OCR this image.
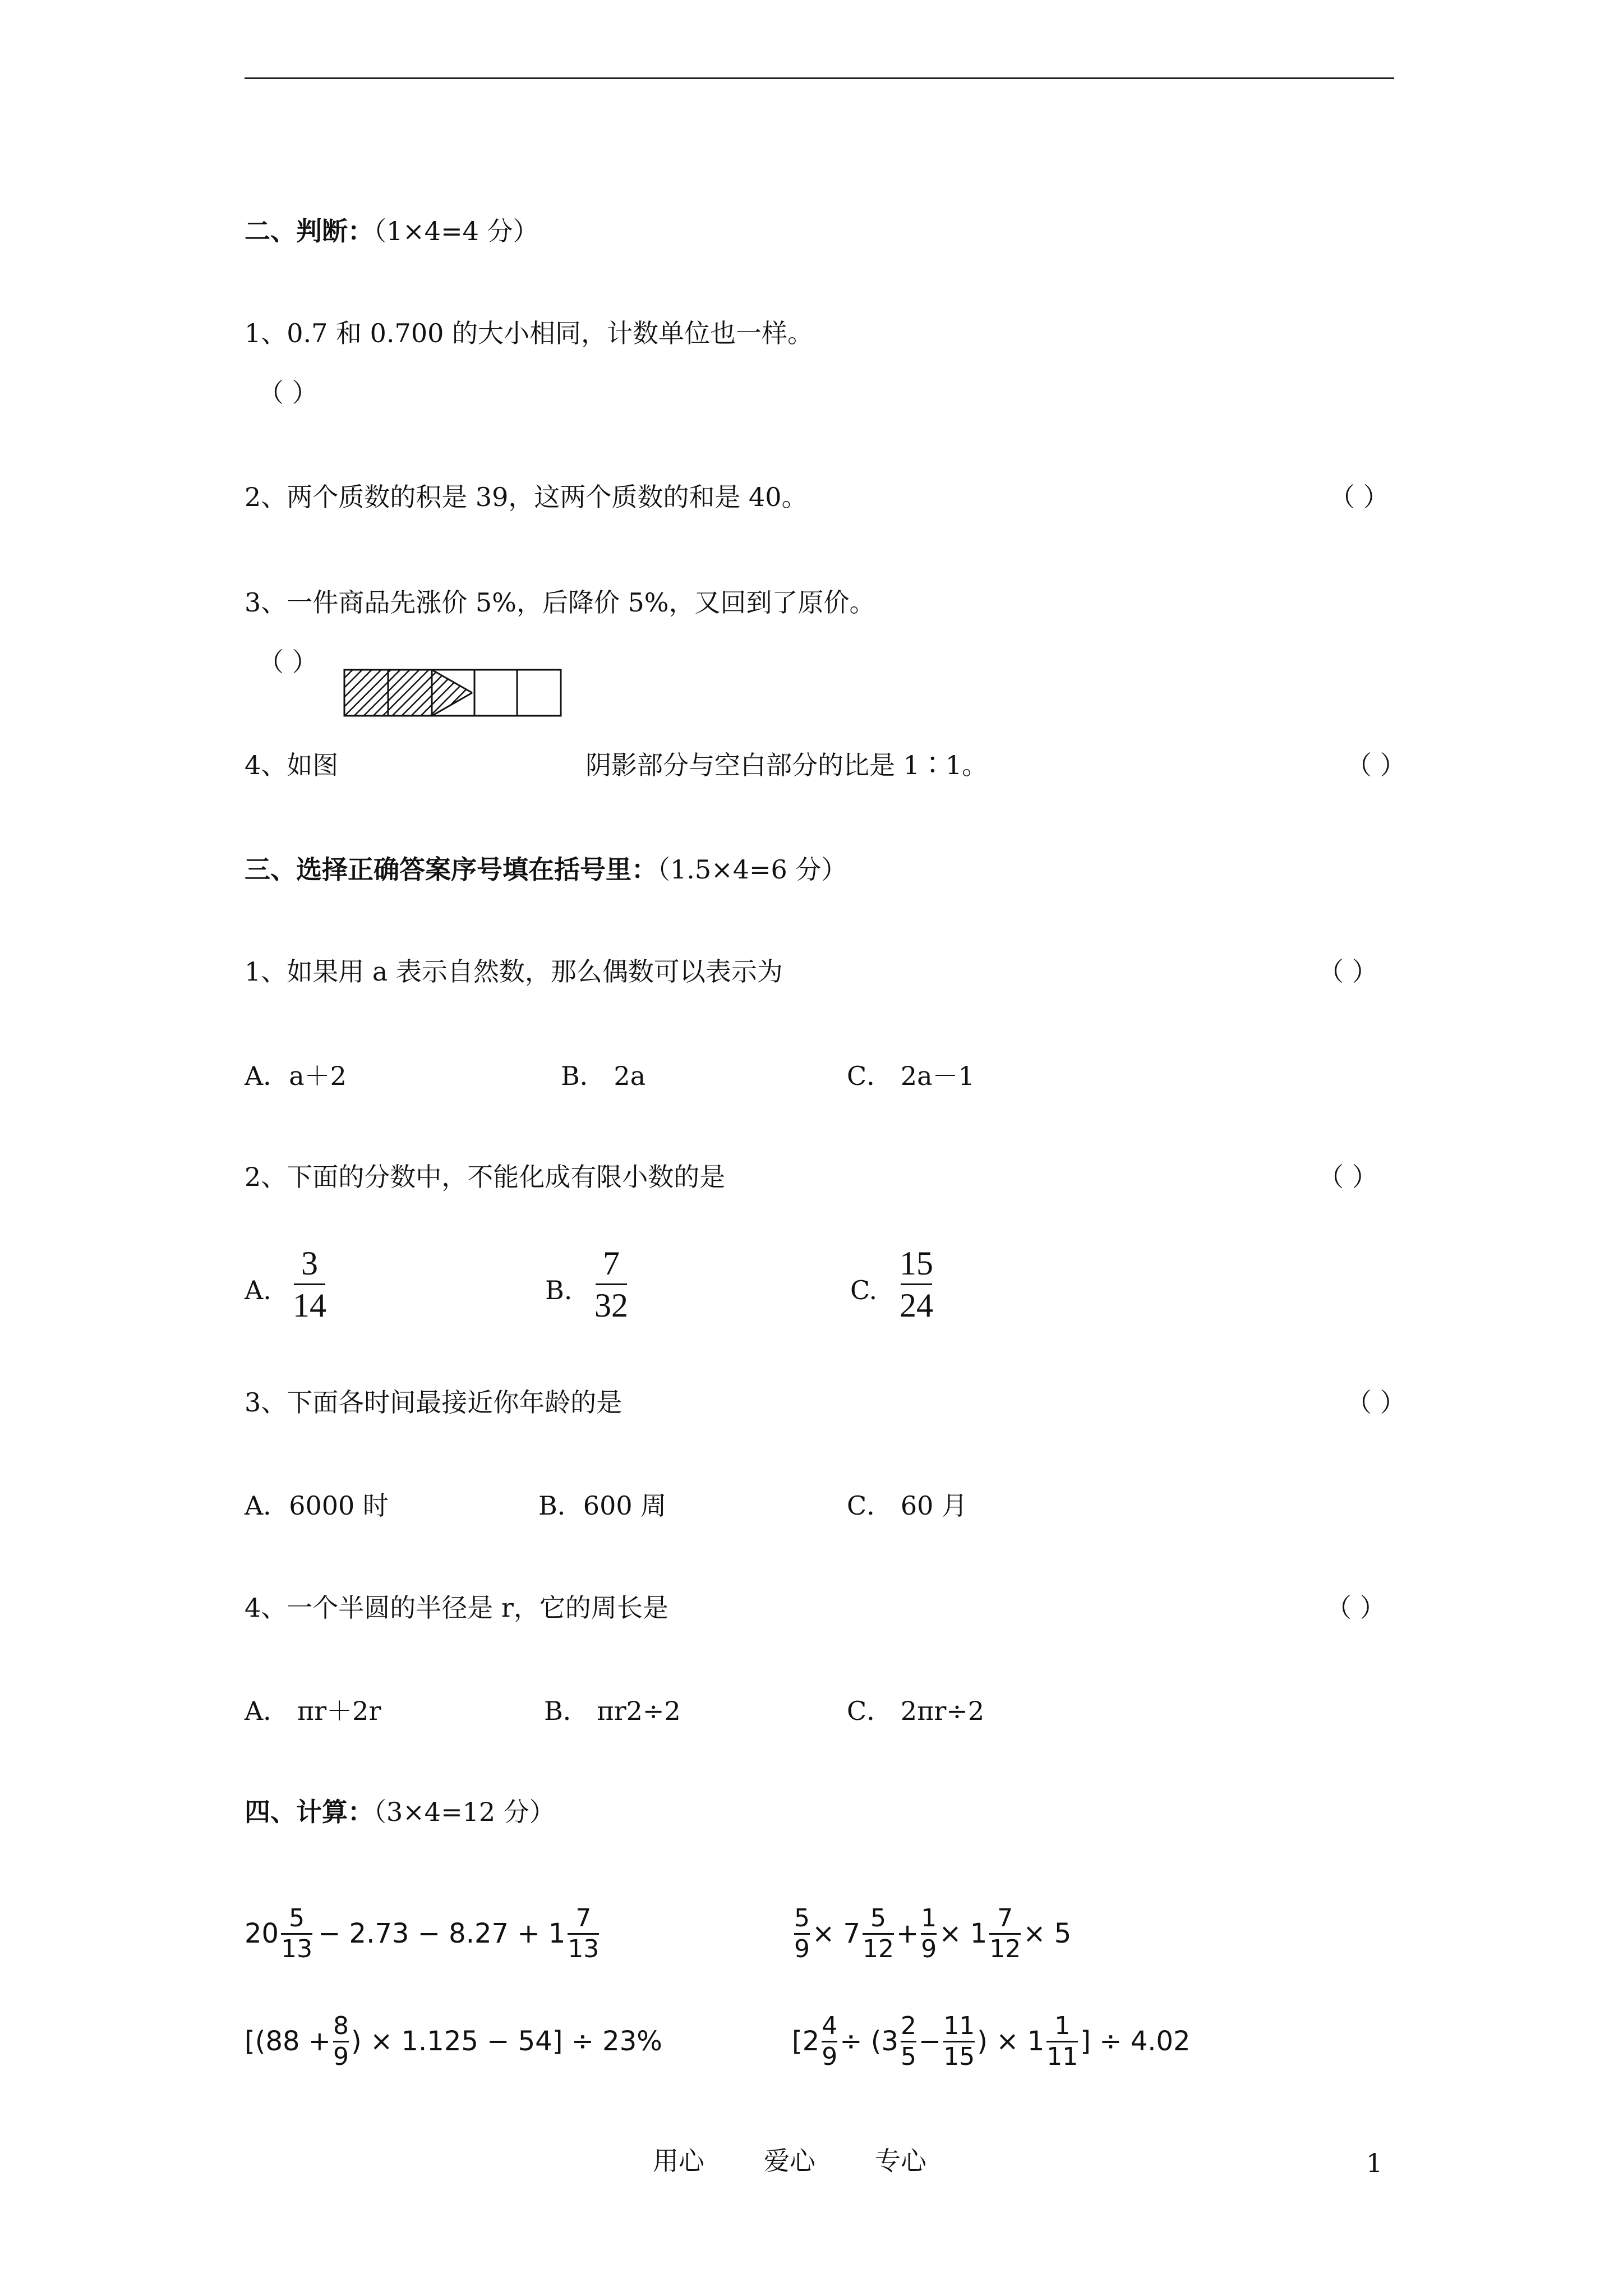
二、判断：（1×4=4 分）
1、0.7 和 0.700 的大小相同，计数单位也一样。
（ ）
2、两个质数的积是 39，这两个质数的和是 40。	（ ）
3、一件商品先涨价 5%，后降价 5%，又回到了原价。
（ ）
4、如图	阴影部分与空白部分的比是 1∶1。	（ ）
三、选择正确答案序号填在括号里：（1.5×4=6 分）
1、如果用 a 表示自然数，那么偶数可以表示为	（ ）
A．a＋2	B． 2a	C． 2a－1
2、下面的分数中，不能化成有限小数的是	（ ）
A.
3
14	B.
7
32	C.
15
24
3、下面各时间最接近你年龄的是	（ ）
A．6000 时	B．600 周	C． 60 月
4、一个半圆的半径是 r，它的周长是	（ ）
A． πr＋2r	B． πr2÷2	C． 2πr÷2
四、计算：（3×4=12 分）
20 5
13 − 2.73 − 8.27 + 1 7
13
5
9 × 7 5
12 + 1
9 × 1 7
12 × 5
[(88 + 8
9 ) × 1.125 − 54] ÷ 23%	[2 4
9 ÷ (3 2
5 − 11
15 ) × 1 1
11 ] ÷ 4.02
用心 爱心 专心	1
